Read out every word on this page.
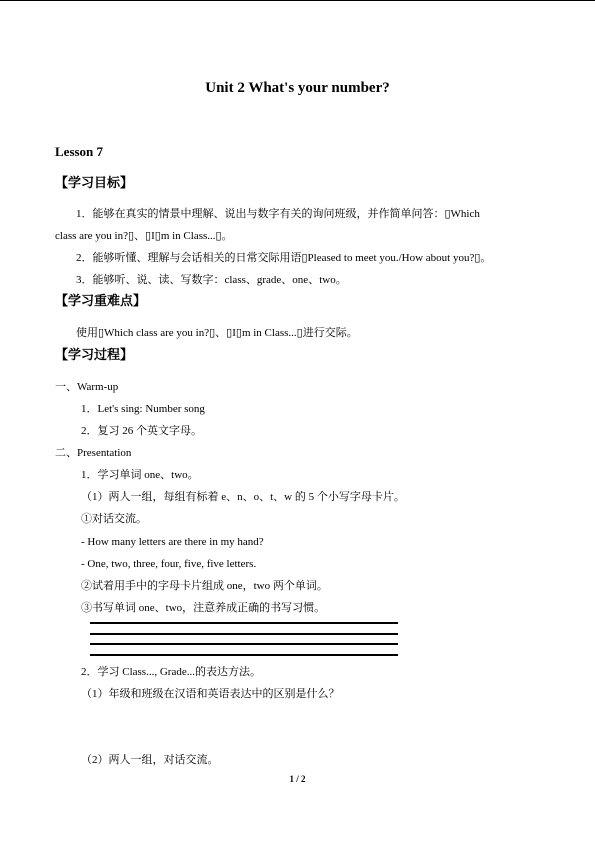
Unit 2 What's your number?
Lesson 7
【学习目标】
1．能够在真实的情景中理解、说出与数字有关的询问班级，并作简单问答：▯Which
class are you in?▯、▯I▯m in Class...▯。
2．能够听懂、理解与会话相关的日常交际用语▯Pleased to meet you./How about you?▯。
3．能够听、说、读、写数字：class、grade、one、two。
【学习重难点】
使用▯Which class are you in?▯、▯I▯m in Class...▯进行交际。
【学习过程】
一、Warm-up
1．Let's sing: Number song
2．复习 26 个英文字母。
二、Presentation
1．学习单词 one、two。
（1）两人一组，每组有标着 e、n、o、t、w 的 5 个小写字母卡片。
①对话交流。
- How many letters are there in my hand?
- One, two, three, four, five, five letters.
②试着用手中的字母卡片组成 one，two 两个单词。
③书写单词 one、two，注意养成正确的书写习惯。
2．学习 Class..., Grade...的表达方法。
（1）年级和班级在汉语和英语表达中的区别是什么？
（2）两人一组，对话交流。
1 / 2
